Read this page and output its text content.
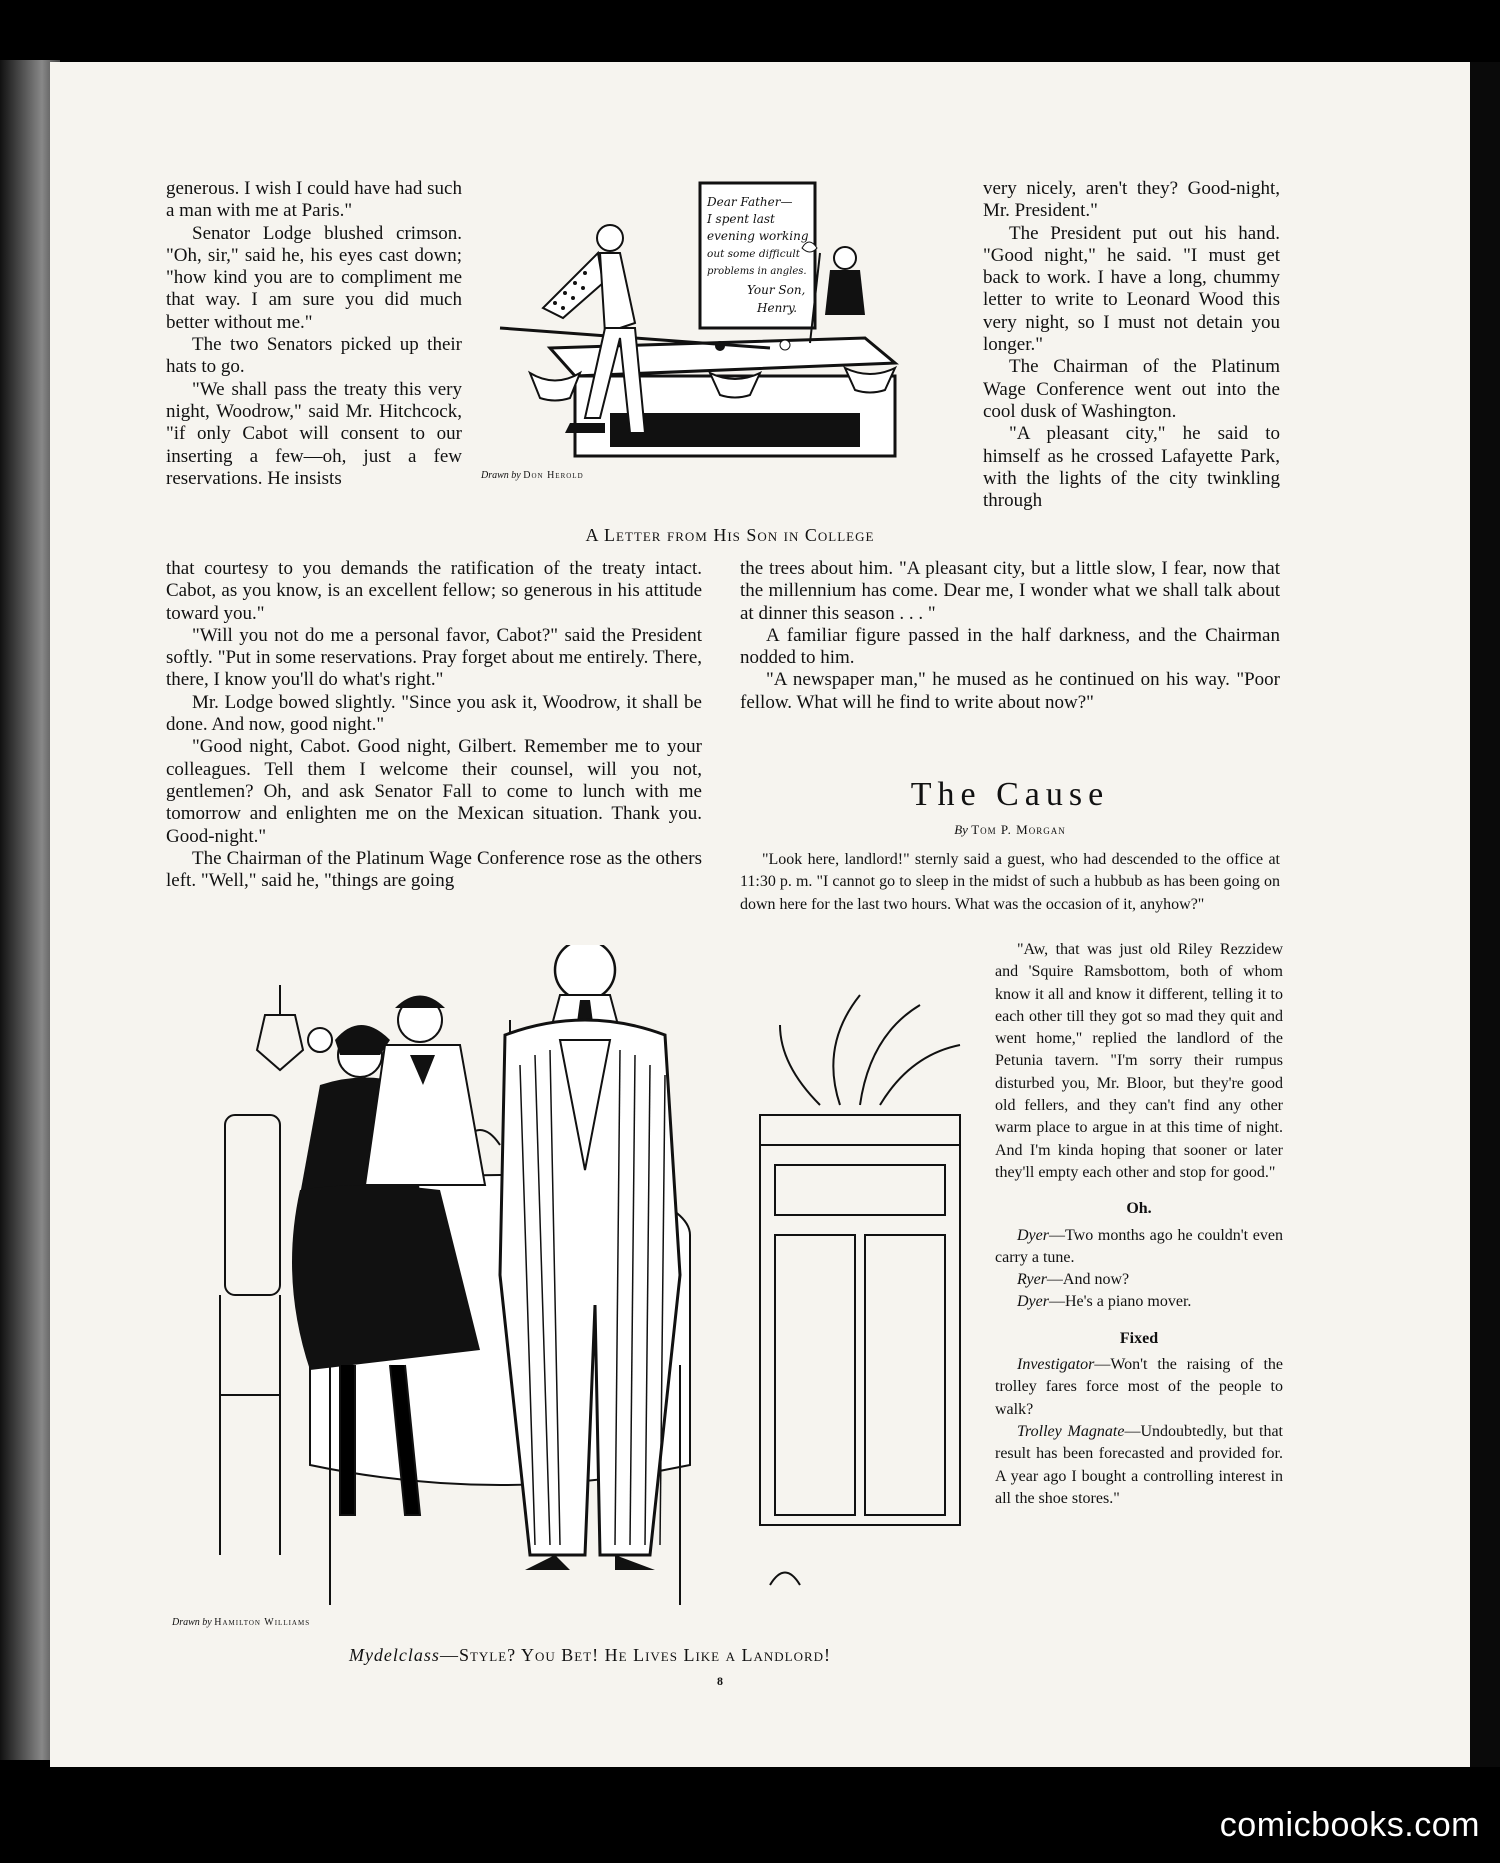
generous. I wish I could have had such a man with me at Paris."

Senator Lodge blushed crimson. "Oh, sir," said he, his eyes cast down; "how kind you are to compliment me that way. I am sure you did much better without me."

The two Senators picked up their hats to go.

"We shall pass the treaty this very night, Woodrow," said Mr. Hitchcock, "if only Cabot will consent to our inserting a few—oh, just a few reservations. He insists

Dear Father—
I spent last
evening working
out some difficult
problems in angles.
Your Son,
Henry.
Drawn by Don Herold
A Letter from His Son in College

very nicely, aren't they? Good-night, Mr. President."

The President put out his hand. "Good night," he said. "I must get back to work. I have a long, chummy letter to write to Leonard Wood this very night, so I must not detain you longer."

The Chairman of the Platinum Wage Conference went out into the cool dusk of Washington.

"A pleasant city," he said to himself as he crossed Lafayette Park, with the lights of the city twinkling through

that courtesy to you demands the ratification of the treaty intact. Cabot, as you know, is an excellent fellow; so generous in his attitude toward you."

"Will you not do me a personal favor, Cabot?" said the President softly. "Put in some reservations. Pray forget about me entirely. There, there, I know you'll do what's right."

Mr. Lodge bowed slightly. "Since you ask it, Woodrow, it shall be done. And now, good night."

"Good night, Cabot. Good night, Gilbert. Remember me to your colleagues. Tell them I welcome their counsel, will you not, gentlemen? Oh, and ask Senator Fall to come to lunch with me tomorrow and enlighten me on the Mexican situation. Thank you. Good-night."

The Chairman of the Platinum Wage Conference rose as the others left. "Well," said he, "things are going

the trees about him. "A pleasant city, but a little slow, I fear, now that the millennium has come. Dear me, I wonder what we shall talk about at dinner this season . . . "

A familiar figure passed in the half darkness, and the Chairman nodded to him.

"A newspaper man," he mused as he continued on his way. "Poor fellow. What will he find to write about now?"

The Cause
By Tom P. Morgan

"Look here, landlord!" sternly said a guest, who had descended to the office at 11:30 p. m. "I cannot go to sleep in the midst of such a hubbub as has been going on down here for the last two hours. What was the occasion of it, anyhow?"

"Aw, that was just old Riley Rezzidew and 'Squire Ramsbottom, both of whom know it all and know it different, telling it to each other till they got so mad they quit and went home," replied the landlord of the Petunia tavern. "I'm sorry their rumpus disturbed you, Mr. Bloor, but they're good old fellers, and they can't find any other warm place to argue in at this time of night. And I'm kinda hoping that sooner or later they'll empty each other and stop for good."

Oh.

Dyer—Two months ago he couldn't even carry a tune.

Ryer—And now?

Dyer—He's a piano mover.

Fixed

Investigator—Won't the raising of the trolley fares force most of the people to walk?

Trolley Magnate—Undoubtedly, but that result has been forecasted and provided for. A year ago I bought a controlling interest in all the shoe stores."

Drawn by Hamilton Williams
Mydelclass—Style? You Bet! He Lives Like a Landlord!
8
comicbooks.com
